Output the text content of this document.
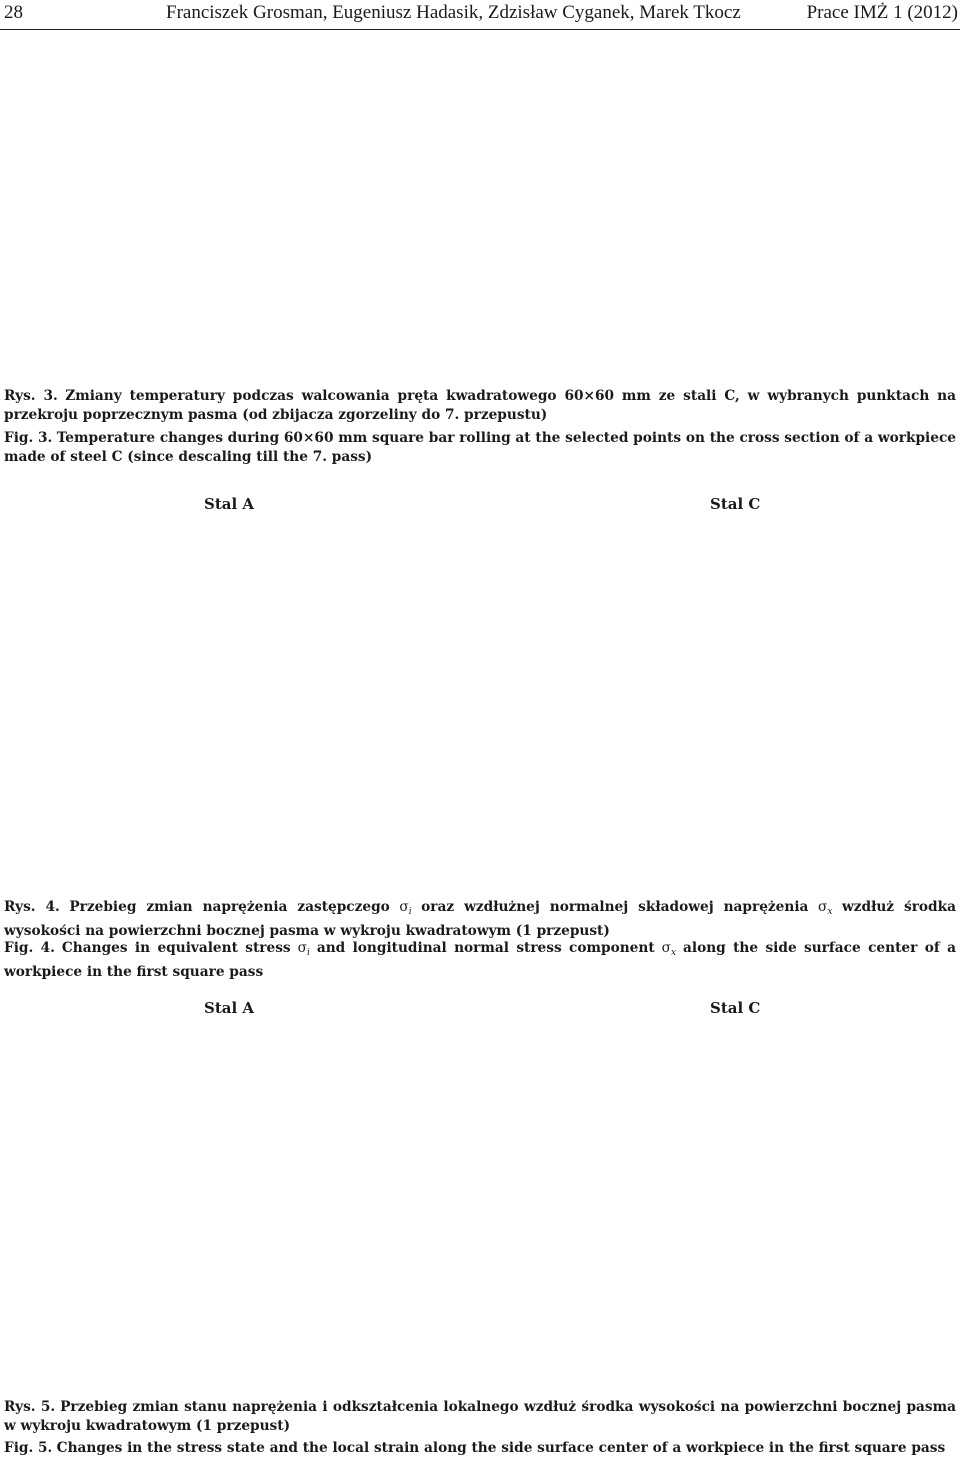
28	Franciszek Grosman, Eugeniusz Hadasik, Zdzisław Cyganek, Marek Tkocz	Prace IMŻ 1 (2012)
Rys. 3. Zmiany temperatury podczas walcowania pręta kwadratowego 60×60 mm ze stali C, w wybranych punktach na przekroju poprzecznym pasma (od zbijacza zgorzeliny do 7. przepustu)
Fig. 3. Temperature changes during 60×60 mm square bar rolling at the selected points on the cross section of a workpiece made of steel C (since descaling till the 7. pass)
Stal A	Stal C
Rys. 4. Przebieg zmian naprężenia zastępczego $\sigma_i$ oraz wzdłużnej normalnej składowej naprężenia $\sigma_x$ wzdłuż środka wysokości na powierzchni bocznej pasma w wykroju kwadratowym (1 przepust)
Fig. 4. Changes in equivalent stress $\sigma_i$ and longitudinal normal stress component $\sigma_x$ along the side surface center of a workpiece in the first square pass
Stal A	Stal C
Rys. 5. Przebieg zmian stanu naprężenia i odkształcenia lokalnego wzdłuż środka wysokości na powierzchni bocznej pasma w wykroju kwadratowym (1 przepust)
Fig. 5. Changes in the stress state and the local strain along the side surface center of a workpiece in the first square pass
